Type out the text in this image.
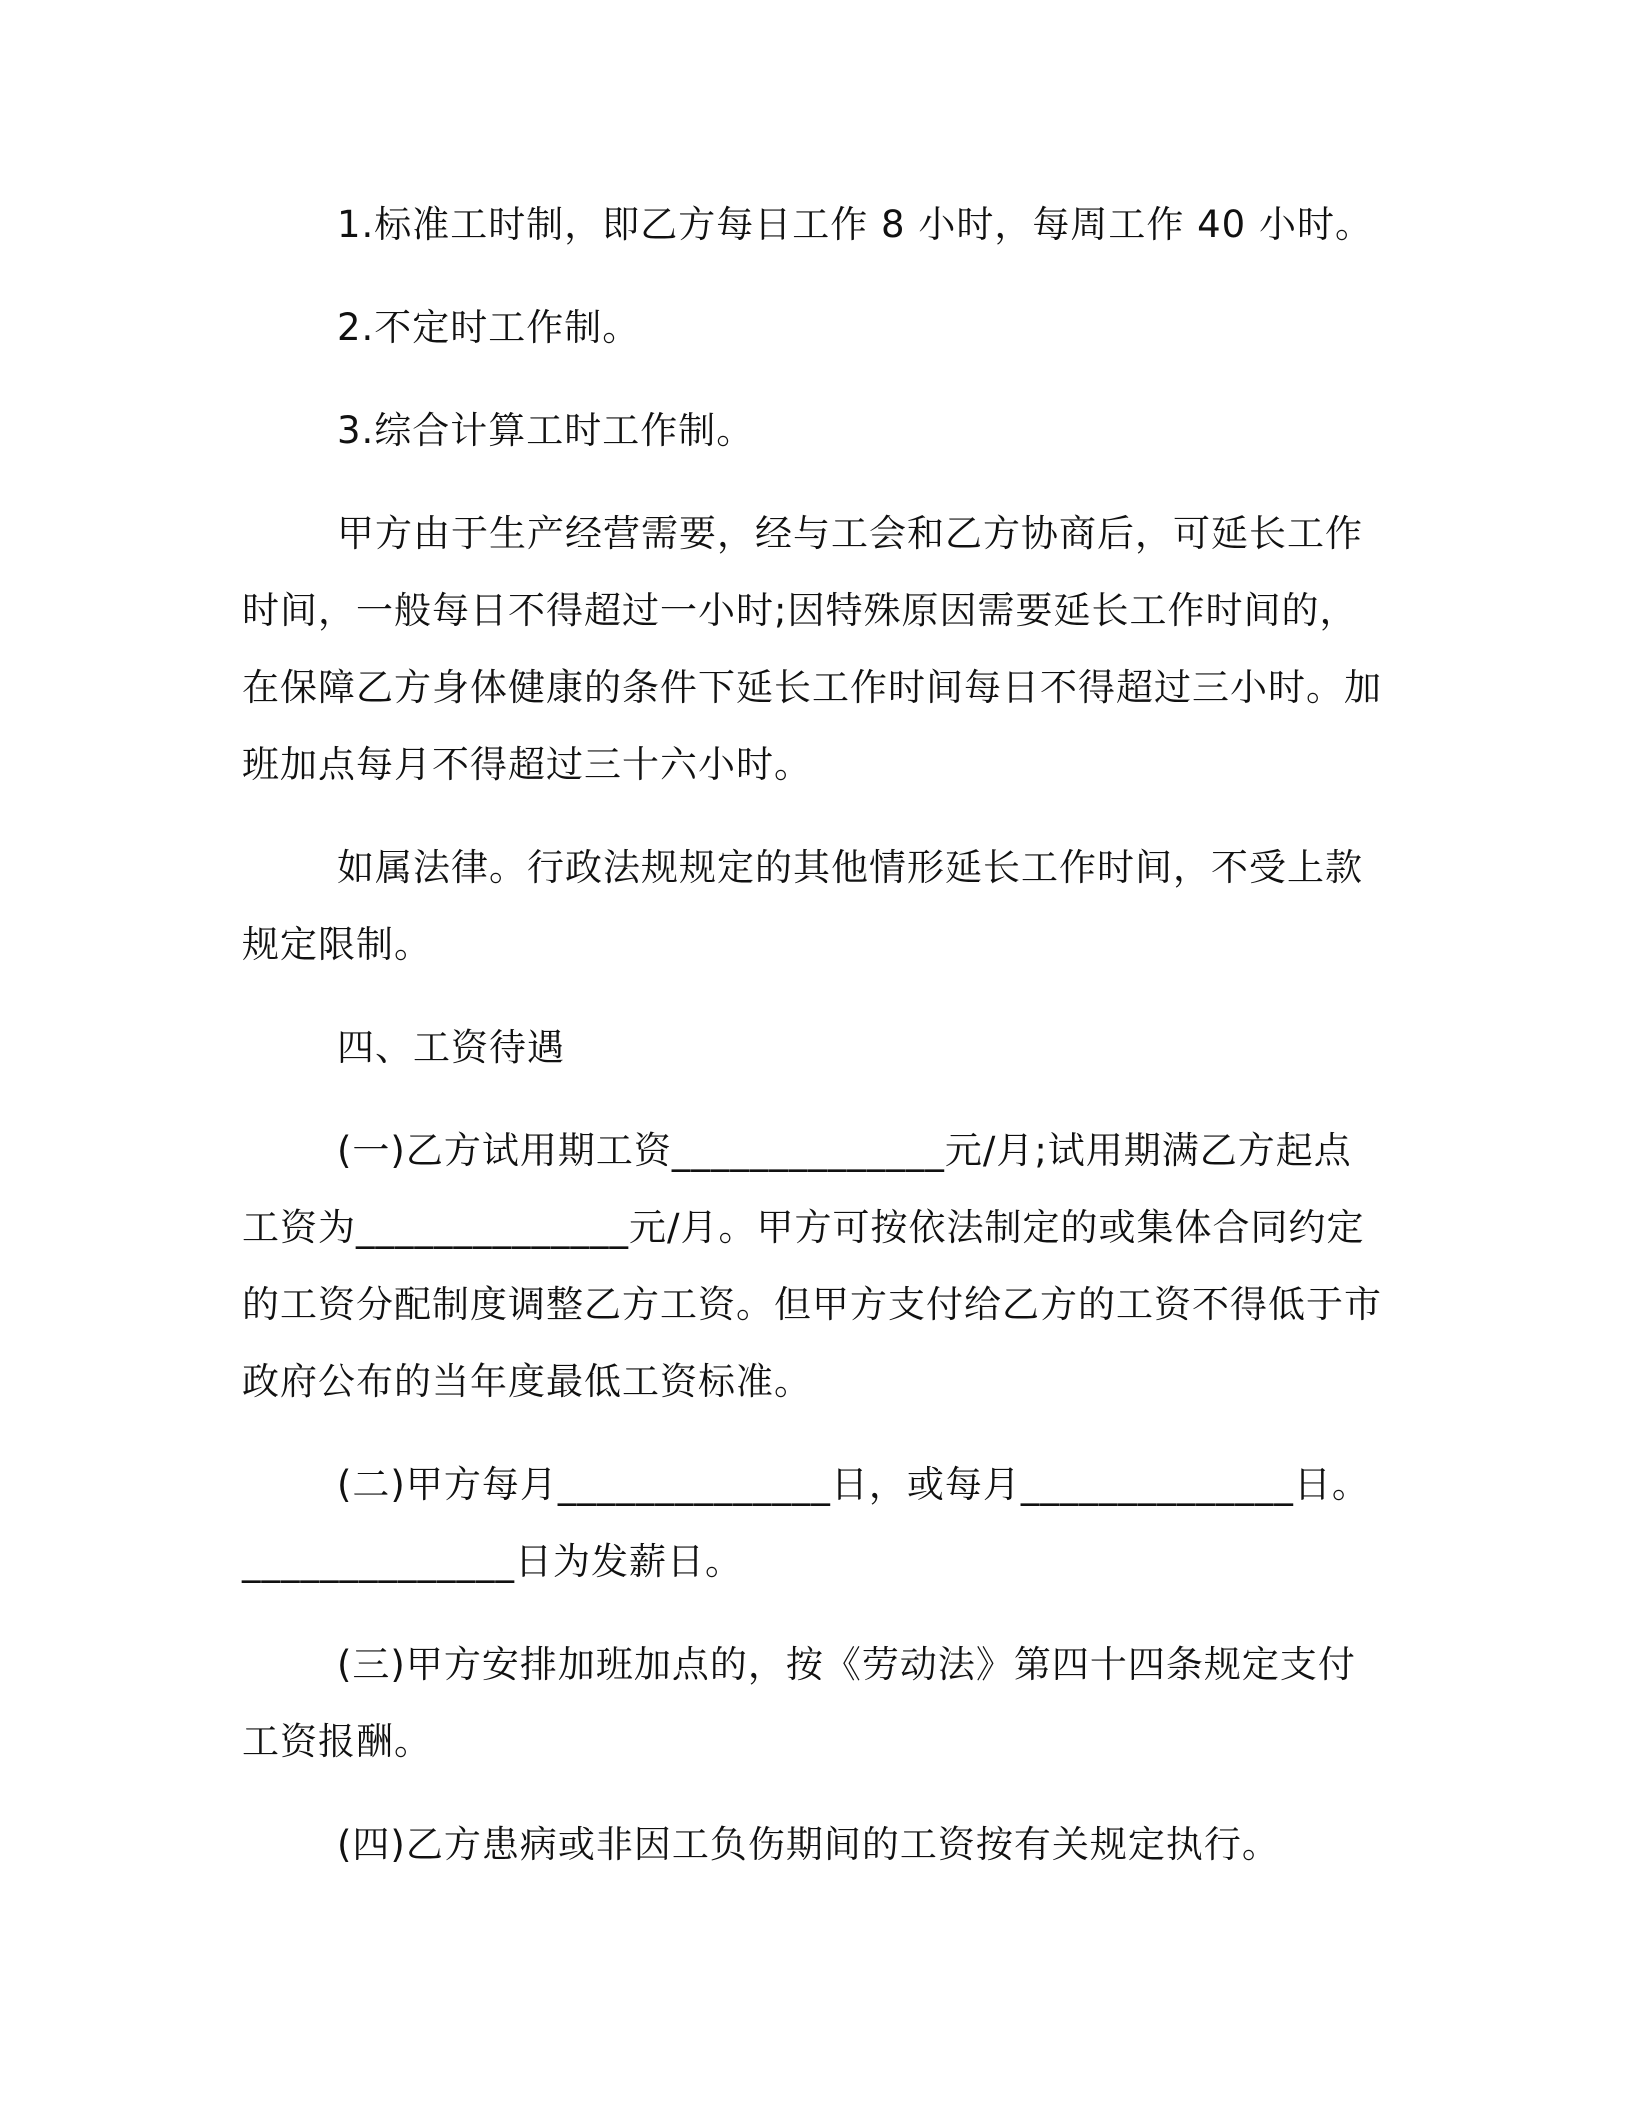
1.标准工时制，即乙方每日工作 8 小时，每周工作 40 小时。

2.不定时工作制。

3.综合计算工时工作制。

甲方由于生产经营需要，经与工会和乙方协商后，可延长工作时间，一般每日不得超过一小时;因特殊原因需要延长工作时间的，在保障乙方身体健康的条件下延长工作时间每日不得超过三小时。加班加点每月不得超过三十六小时。

如属法律。行政法规规定的其他情形延长工作时间，不受上款规定限制。

四、工资待遇

(一)乙方试用期工资______________元/月;试用期满乙方起点工资为______________元/月。甲方可按依法制定的或集体合同约定的工资分配制度调整乙方工资。但甲方支付给乙方的工资不得低于市政府公布的当年度最低工资标准。

(二)甲方每月______________日，或每月______________日。______________日为发薪日。

(三)甲方安排加班加点的，按《劳动法》第四十四条规定支付工资报酬。

(四)乙方患病或非因工负伤期间的工资按有关规定执行。
